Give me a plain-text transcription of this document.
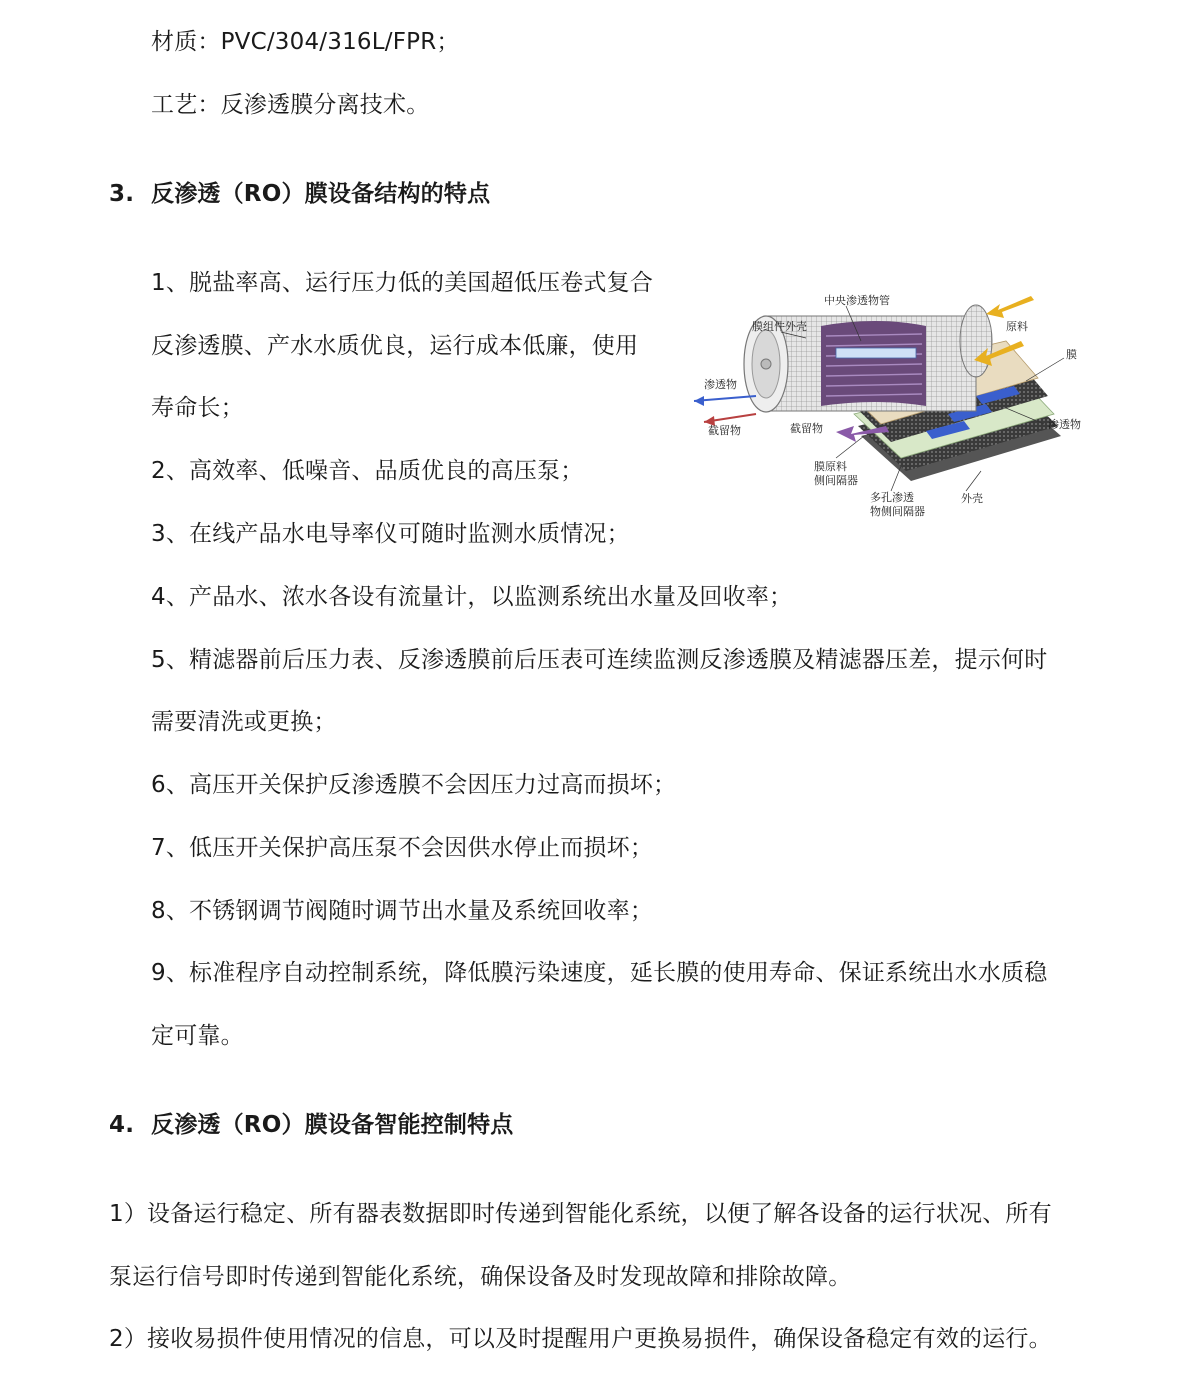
材质：PVC/304/316L/FPR；
工艺：反渗透膜分离技术。
3. 反渗透（RO）膜设备结构的特点
1、脱盐率高、运行压力低的美国超低压卷式复合
反渗透膜、产水水质优良，运行成本低廉，使用
寿命长；
2、高效率、低噪音、品质优良的高压泵；
3、在线产品水电导率仪可随时监测水质情况；
4、产品水、浓水各设有流量计，以监测系统出水量及回收率；
5、精滤器前后压力表、反渗透膜前后压表可连续监测反渗透膜及精滤器压差，提示何时
需要清洗或更换；
6、高压开关保护反渗透膜不会因压力过高而损坏；
7、低压开关保护高压泵不会因供水停止而损坏；
8、不锈钢调节阀随时调节出水量及系统回收率；
9、标准程序自动控制系统，降低膜污染速度，延长膜的使用寿命、保证系统出水水质稳
定可靠。
中央渗透物管
膜组件外壳	原料
膜
渗透物
截留物	截留物	渗透物
膜原料
侧间隔器
多孔渗透
物侧间隔器
外壳
4. 反渗透（RO）膜设备智能控制特点
1）设备运行稳定、所有器表数据即时传递到智能化系统，以便了解各设备的运行状况、所有
泵运行信号即时传递到智能化系统，确保设备及时发现故障和排除故障。
2）接收易损件使用情况的信息，可以及时提醒用户更换易损件，确保设备稳定有效的运行。
